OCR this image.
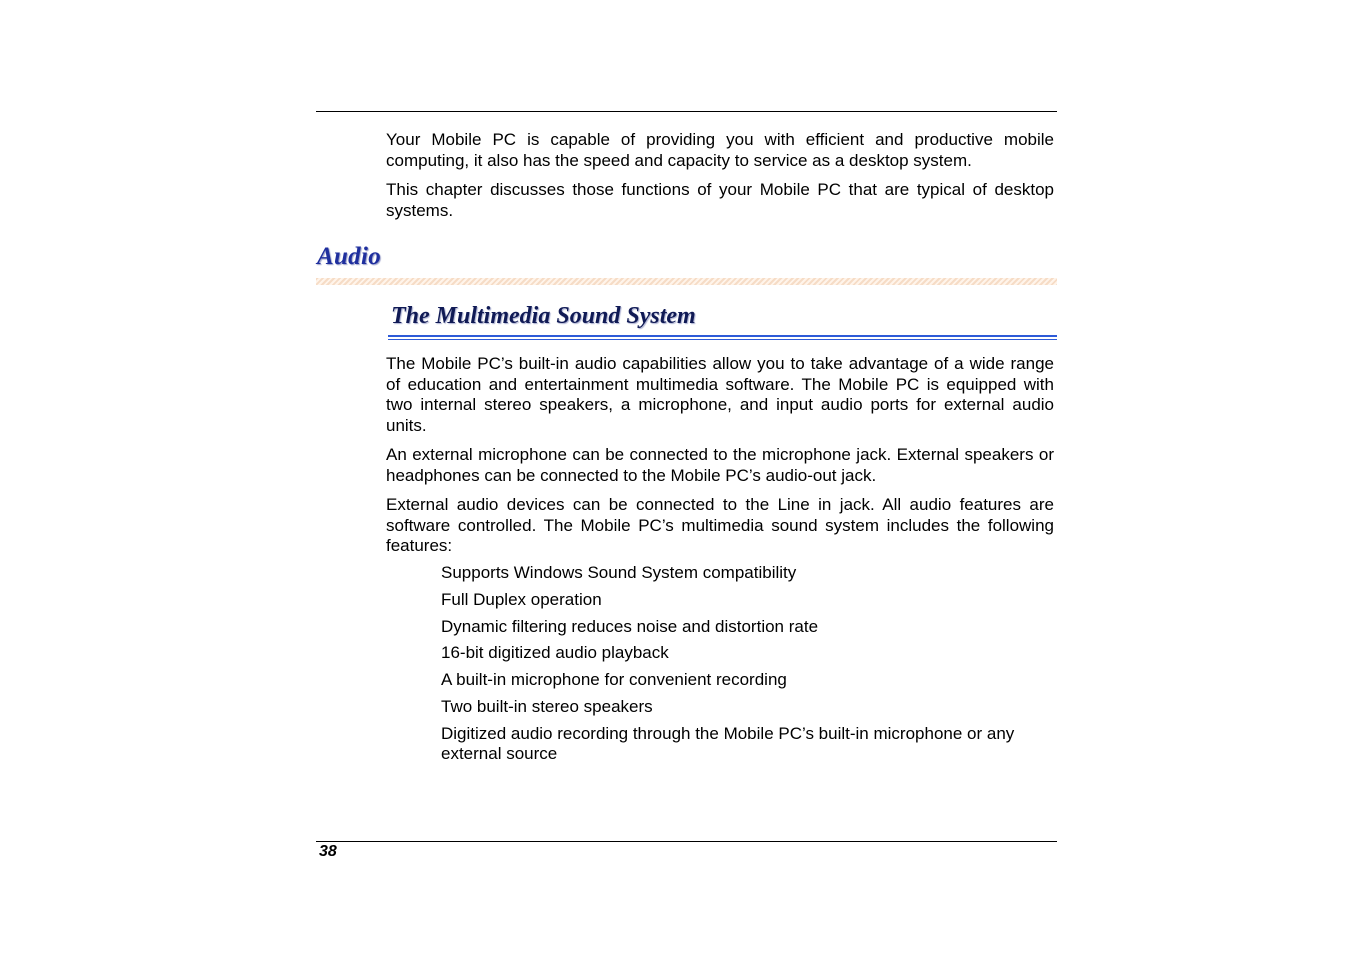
Your Mobile PC is capable of providing you with efficient and productive mobile computing, it also has the speed and capacity to service as a desktop system.

This chapter discusses those functions of your Mobile PC that are typical of desktop systems.

Audio
The Multimedia Sound System

The Mobile PC’s built-in audio capabilities allow you to take advantage of a wide range of education and entertainment multimedia software. The Mobile PC is equipped with two internal stereo speakers, a microphone, and input audio ports for external audio units.

An external microphone can be connected to the microphone jack. External speakers or headphones can be connected to the Mobile PC’s audio-out jack.

External audio devices can be connected to the Line in jack. All audio features are software controlled. The Mobile PC’s multimedia sound system includes the following features:

Supports Windows Sound System compatibility
Full Duplex operation
Dynamic filtering reduces noise and distortion rate
16-bit digitized audio playback
A built-in microphone for convenient recording
Two built-in stereo speakers
Digitized audio recording through the Mobile PC’s built-in microphone or any external source

38
